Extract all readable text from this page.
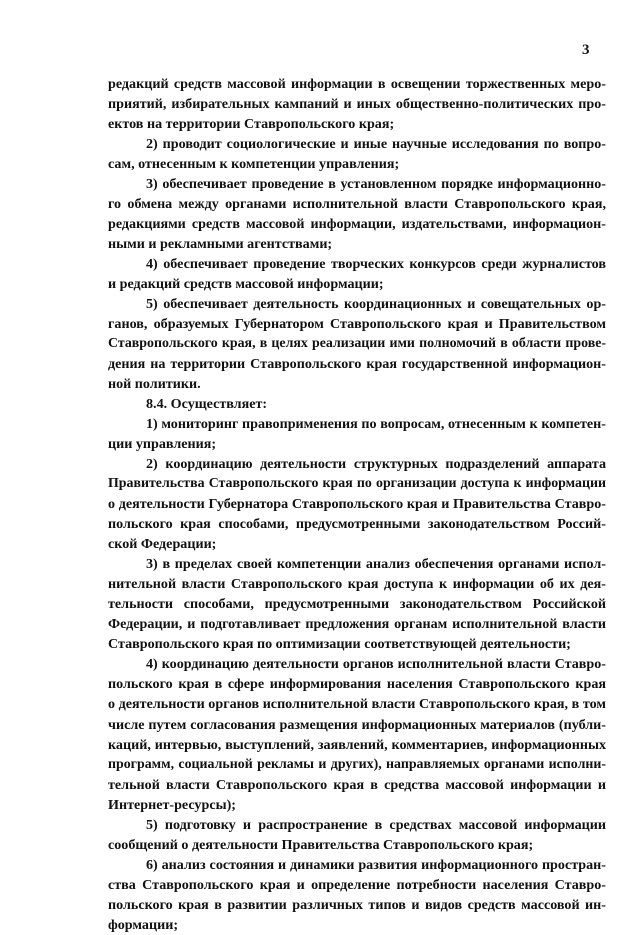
3
редакций средств массовой информации в освещении торжественных меро-
приятий, избирательных кампаний и иных общественно-политических про-
ектов на территории Ставропольского края;
2) проводит социологические и иные научные исследования по вопро-
сам, отнесенным к компетенции управления;
3) обеспечивает проведение в установленном порядке информационно-
го обмена между органами исполнительной власти Ставропольского края,
редакциями средств массовой информации, издательствами, информацион-
ными и рекламными агентствами;
4) обеспечивает проведение творческих конкурсов среди журналистов
и редакций средств массовой информации;
5) обеспечивает деятельность координационных и совещательных ор-
ганов, образуемых Губернатором Ставропольского края и Правительством
Ставропольского края, в целях реализации ими полномочий в области прове-
дения на территории Ставропольского края государственной информацион-
ной политики.
8.4. Осуществляет:
1) мониторинг правоприменения по вопросам, отнесенным к компетен-
ции управления;
2) координацию деятельности структурных подразделений аппарата
Правительства Ставропольского края по организации доступа к информации
о деятельности Губернатора Ставропольского края и Правительства Ставро-
польского края способами, предусмотренными законодательством Россий-
ской Федерации;
3) в пределах своей компетенции анализ обеспечения органами испол-
нительной власти Ставропольского края доступа к информации об их дея-
тельности способами, предусмотренными законодательством Российской
Федерации, и подготавливает предложения органам исполнительной власти
Ставропольского края по оптимизации соответствующей деятельности;
4) координацию деятельности органов исполнительной власти Ставро-
польского края в сфере информирования населения Ставропольского края
о деятельности органов исполнительной власти Ставропольского края, в том
числе путем согласования размещения информационных материалов (публи-
каций, интервью, выступлений, заявлений, комментариев, информационных
программ, социальной рекламы и других), направляемых органами исполни-
тельной власти Ставропольского края в средства массовой информации и
Интернет-ресурсы);
5) подготовку и распространение в средствах массовой информации
сообщений о деятельности Правительства Ставропольского края;
6) анализ состояния и динамики развития информационного простран-
ства Ставропольского края и определение потребности населения Ставро-
польского края в развитии различных типов и видов средств массовой ин-
формации;
